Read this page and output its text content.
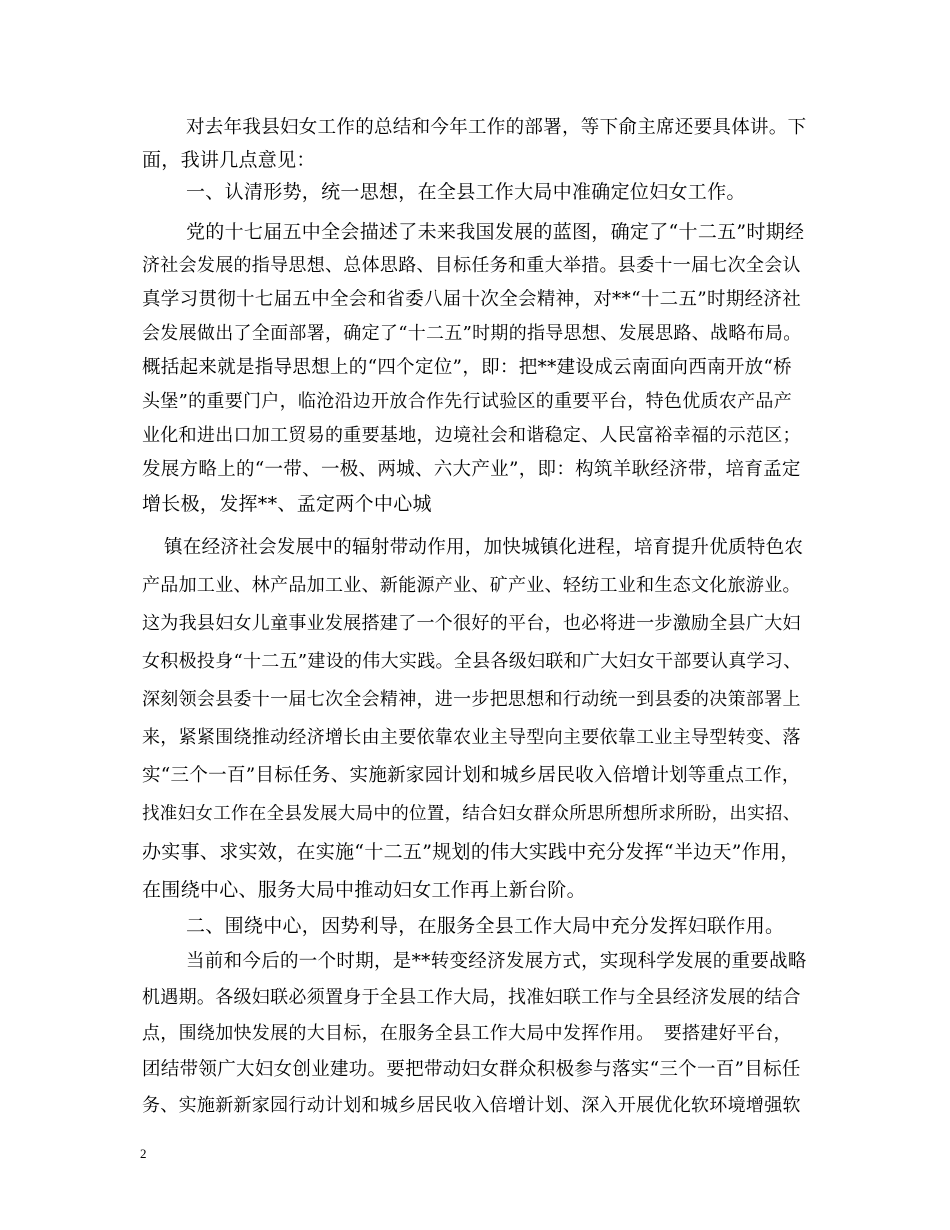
对去年我县妇女工作的总结和今年工作的部署，等下俞主席还要具体讲。下
面，我讲几点意见：
一、认清形势，统一思想，在全县工作大局中准确定位妇女工作。
党的十七届五中全会描述了未来我国发展的蓝图，确定了“十二五”时期经
济社会发展的指导思想、总体思路、目标任务和重大举措。县委十一届七次全会认
真学习贯彻十七届五中全会和省委八届十次全会精神，对**“十二五”时期经济社
会发展做出了全面部署，确定了“十二五”时期的指导思想、发展思路、战略布局。
概括起来就是指导思想上的“四个定位”，即：把**建设成云南面向西南开放“桥
头堡”的重要门户，临沧沿边开放合作先行试验区的重要平台，特色优质农产品产
业化和进出口加工贸易的重要基地，边境社会和谐稳定、人民富裕幸福的示范区；
发展方略上的“一带、一极、两城、六大产业”，即：构筑羊耿经济带，培育孟定
增长极，发挥**、孟定两个中心城
镇在经济社会发展中的辐射带动作用，加快城镇化进程，培育提升优质特色农
产品加工业、林产品加工业、新能源产业、矿产业、轻纺工业和生态文化旅游业。
这为我县妇女儿童事业发展搭建了一个很好的平台，也必将进一步激励全县广大妇
女积极投身“十二五”建设的伟大实践。全县各级妇联和广大妇女干部要认真学习、
深刻领会县委十一届七次全会精神，进一步把思想和行动统一到县委的决策部署上
来，紧紧围绕推动经济增长由主要依靠农业主导型向主要依靠工业主导型转变、落
实“三个一百”目标任务、实施新家园计划和城乡居民收入倍增计划等重点工作，
找准妇女工作在全县发展大局中的位置，结合妇女群众所思所想所求所盼，出实招、
办实事、求实效，在实施“十二五”规划的伟大实践中充分发挥“半边天”作用，
在围绕中心、服务大局中推动妇女工作再上新台阶。
二、围绕中心，因势利导，在服务全县工作大局中充分发挥妇联作用。
当前和今后的一个时期，是**转变经济发展方式，实现科学发展的重要战略
机遇期。各级妇联必须置身于全县工作大局，找准妇联工作与全县经济发展的结合
点，围绕加快发展的大目标，在服务全县工作大局中发挥作用。　要搭建好平台，
团结带领广大妇女创业建功。要把带动妇女群众积极参与落实“三个一百”目标任
务、实施新新家园行动计划和城乡居民收入倍增计划、深入开展优化软环境增强软
2
